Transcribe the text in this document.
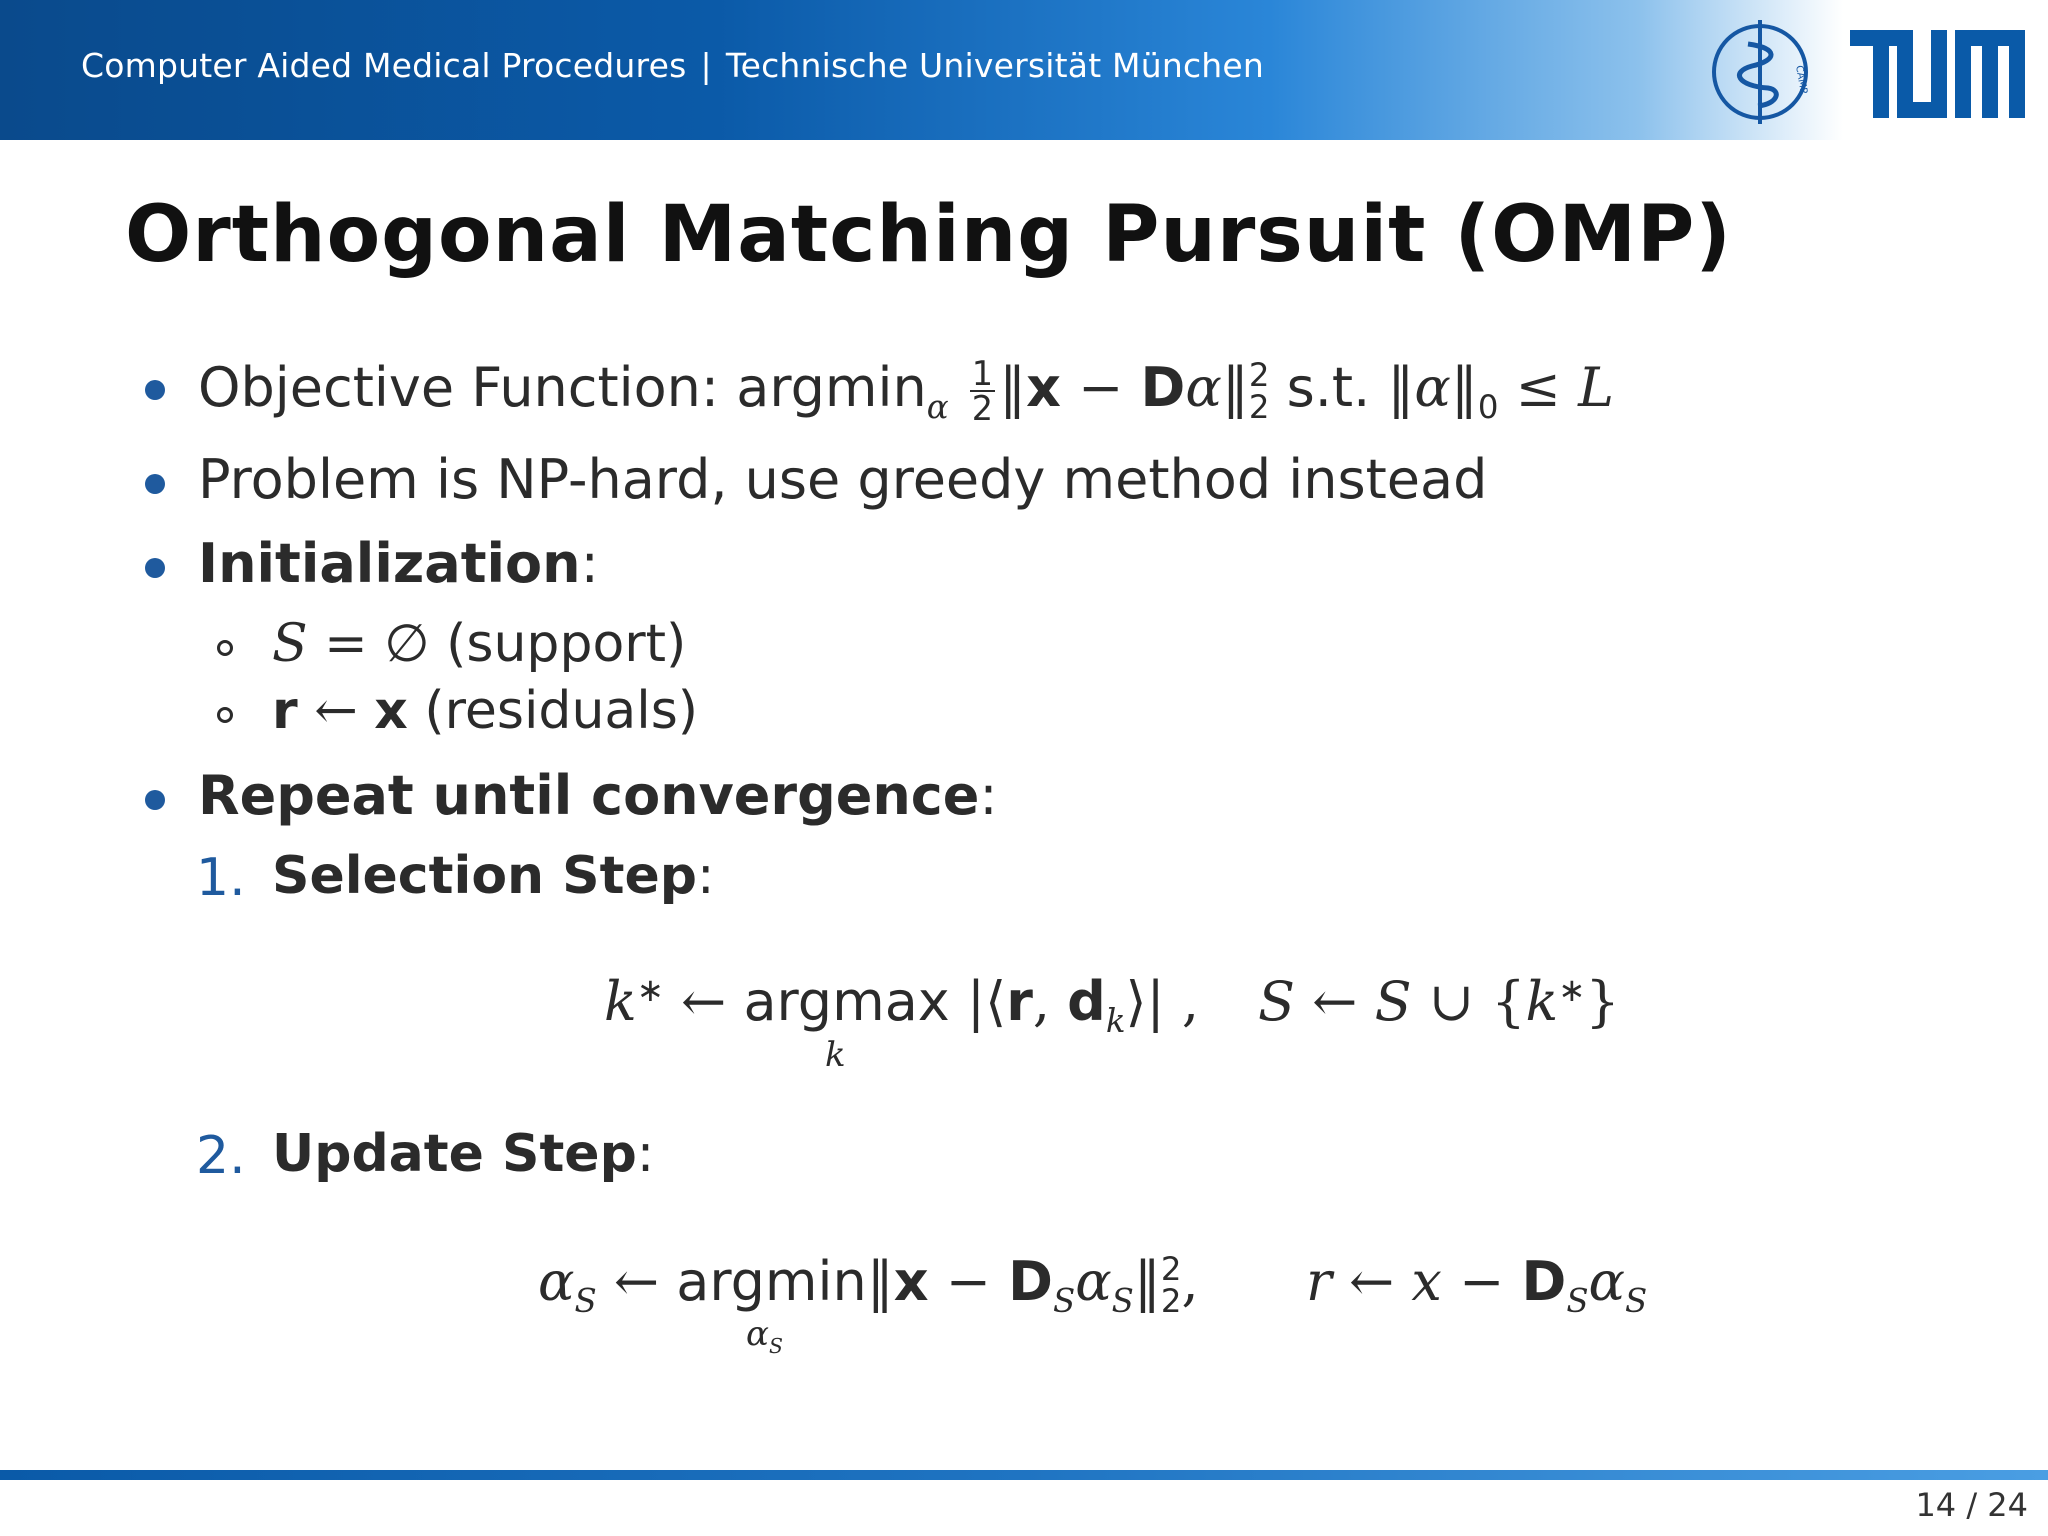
Computer Aided Medical Procedures | Technische Universität München	CAMP
Orthogonal Matching Pursuit (OMP)
Objective Function: $argmin_\alpha \frac{1}{2}$ ‖x − Dα‖ 2
2 s.t. $‖\alpha‖_0 \le L$
Problem is NP-hard, use greedy method instead
Initialization:
S = ∅ (support)
r ← x (residuals)
Repeat until convergence:
1. Selection Step:
k∗ ← argmax |⟨r, $d_k⟩|$ ,
k
S ← S ∪ {k∗}
2. Update Step:
$\alpha_S$ ← argmin‖x − $D_S\alpha_S‖$ 2
2 ,
$\alpha_S$
r ← $x - D_S\alpha_S$
14 / 24
